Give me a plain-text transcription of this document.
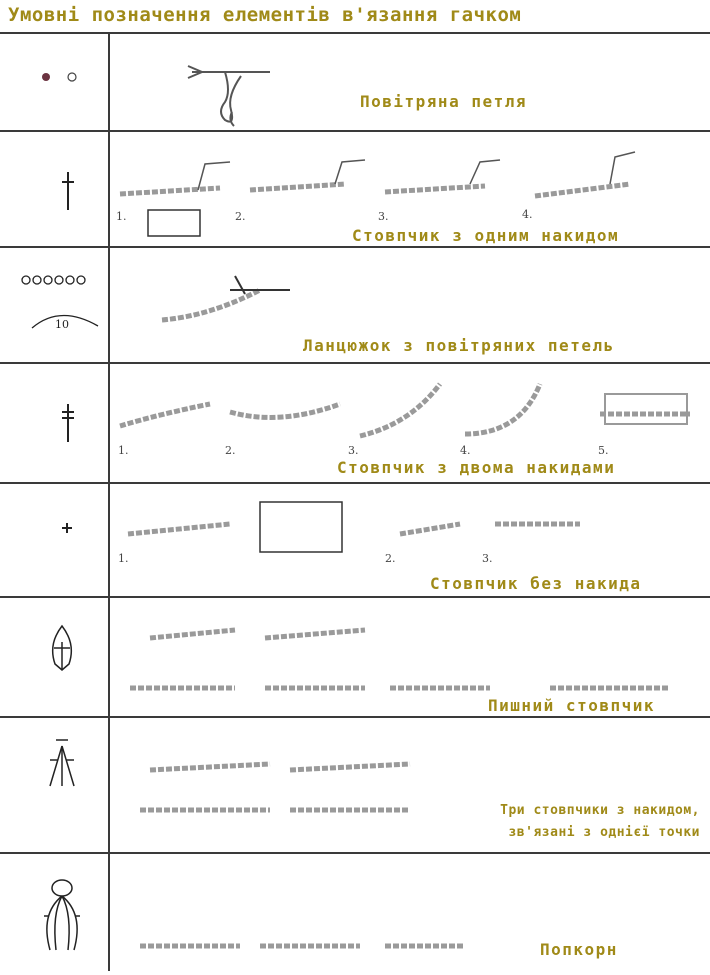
Умовні позначення елементів в'язання гачком
Повітряна петля
1.	2.	3.	4.
Стовпчик з одним накидом
10
Ланцюжок з повітряних петель
1.	2.	3.	4.	5.
Стовпчик з двома накидами
1.	2.	3.
Стовпчик без накида
Пишний стовпчик
Три стовпчики з накидом,
зв'язані з однієї точки
Попкорн
